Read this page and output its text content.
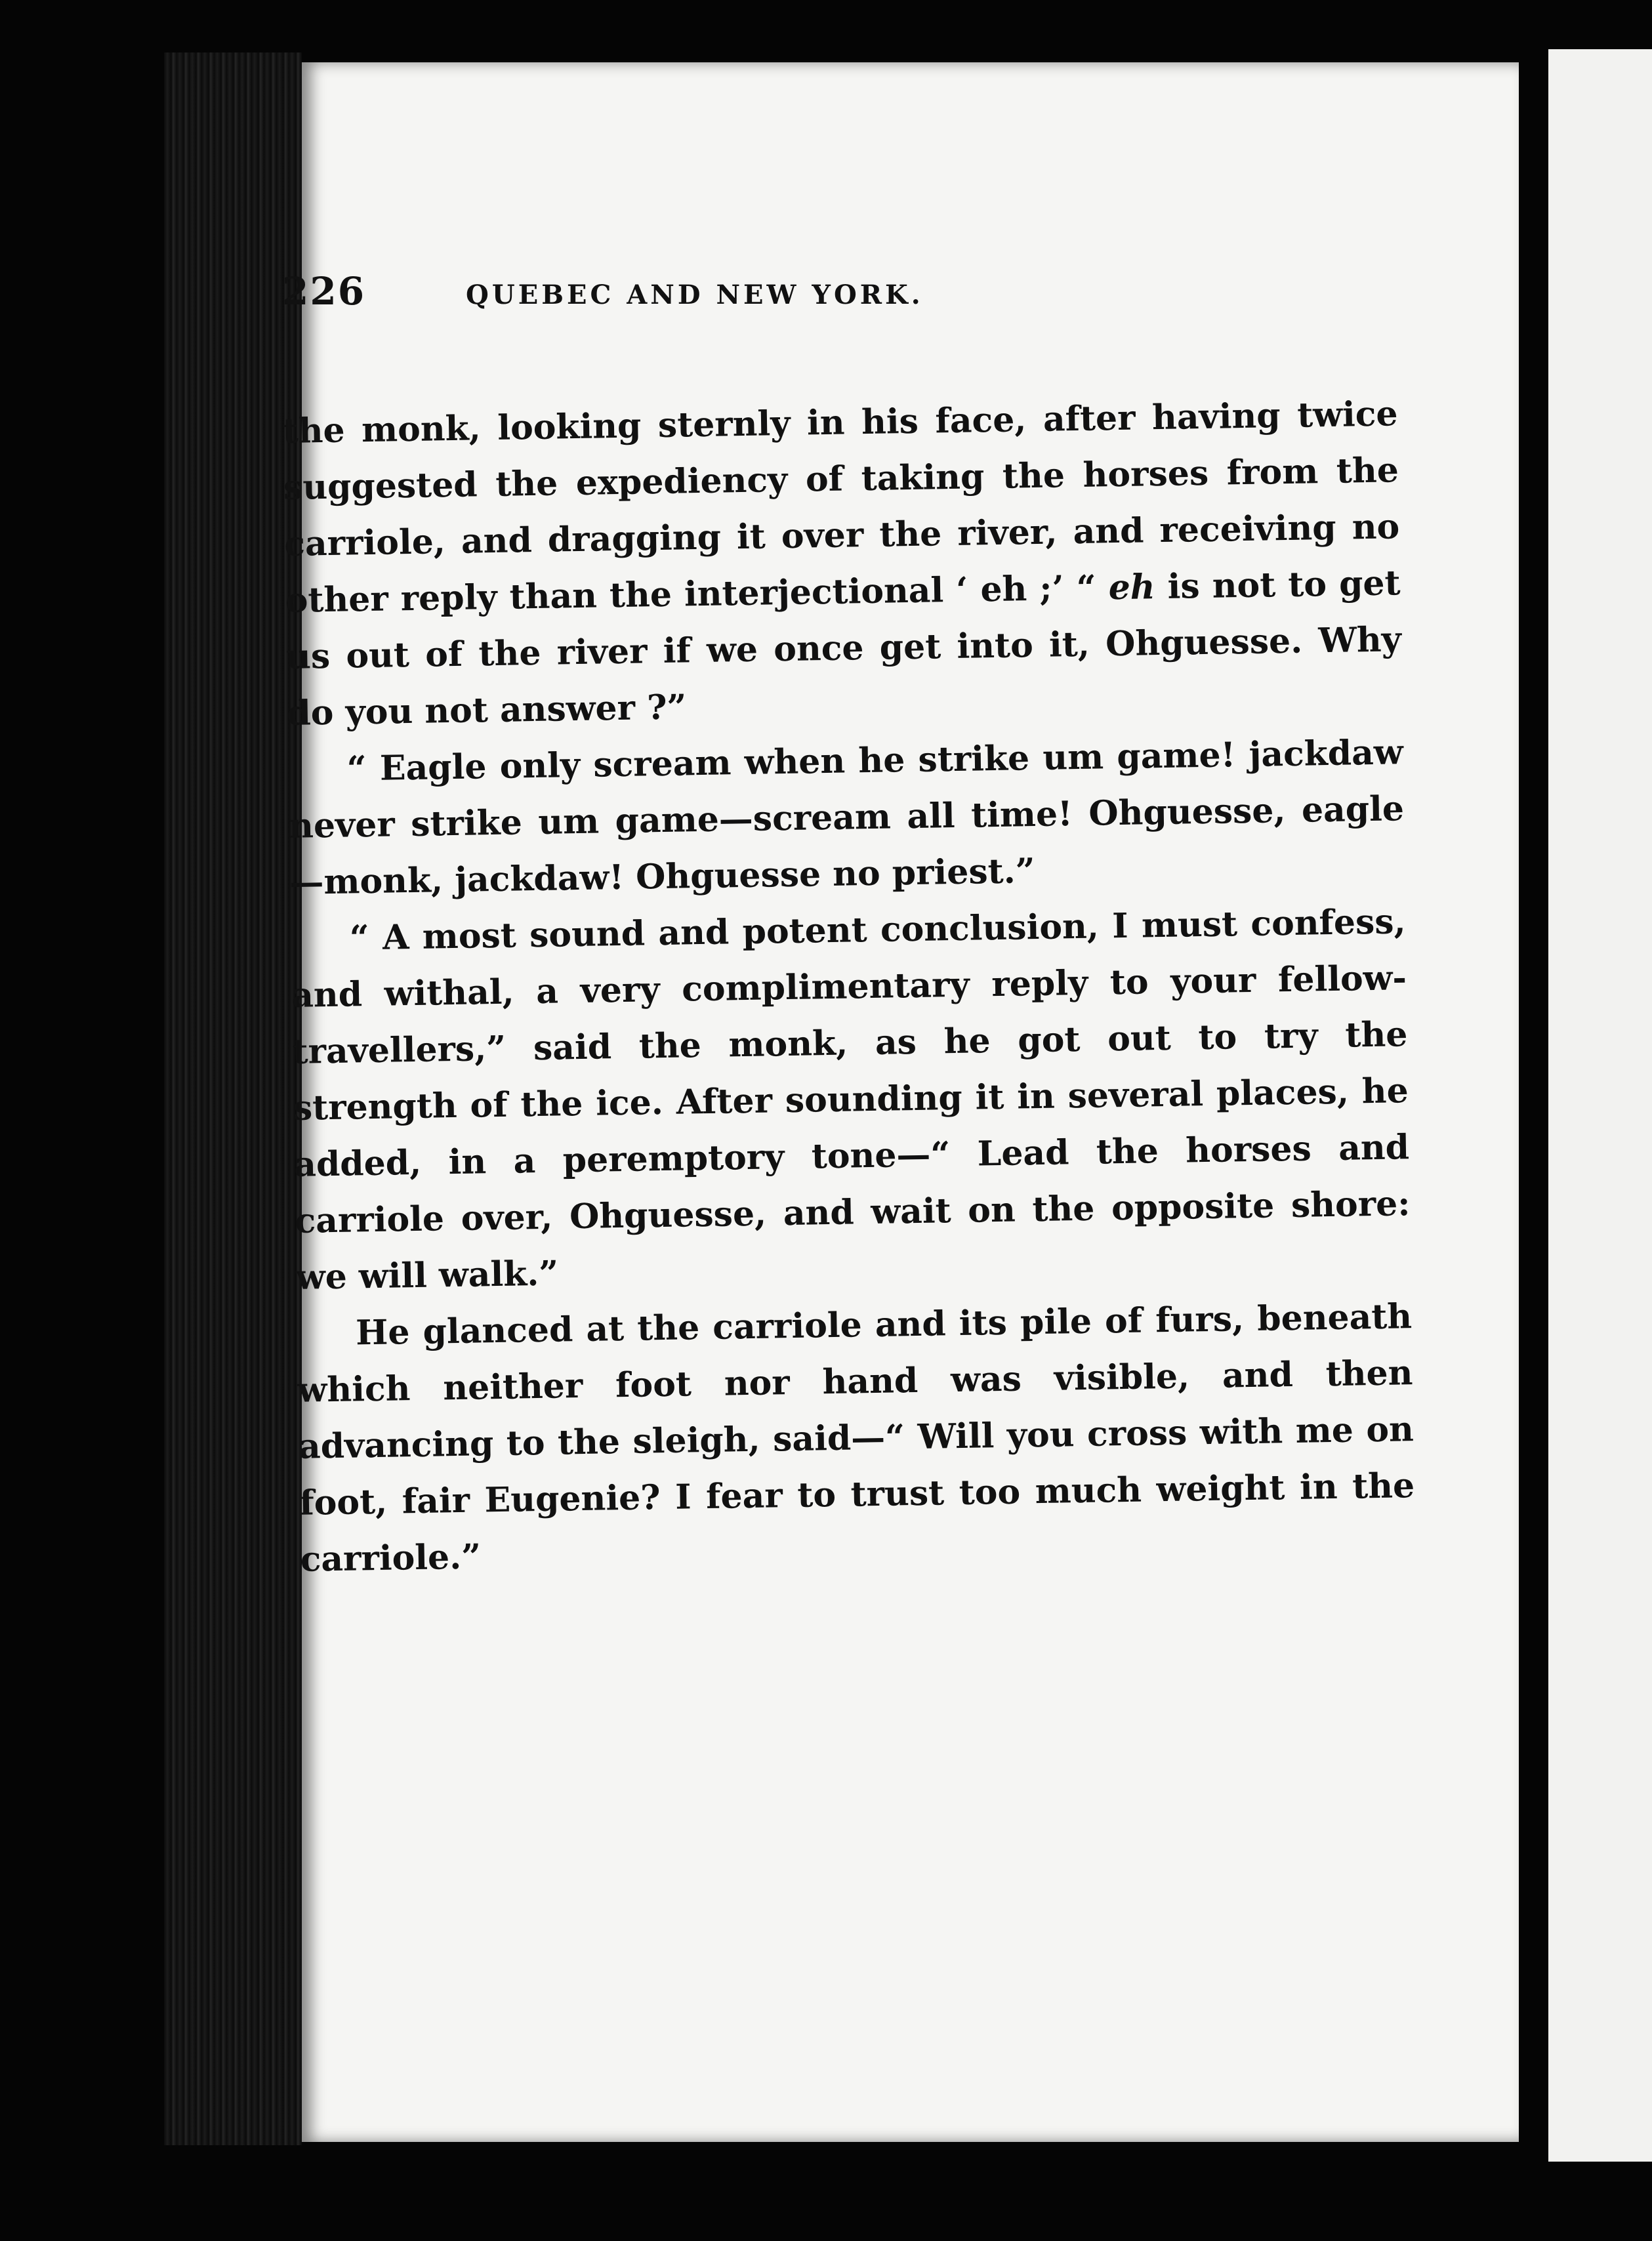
226	QUEBEC AND NEW YORK.

the monk, looking sternly in his face, after having twice suggested the expediency of taking the horses from the carriole, and dragging it over the river, and receiving no other reply than the interjectional ‘ eh ;’ “ eh is not to get us out of the river if we once get into it, Ohguesse. Why do you not answer ?”

“ Eagle only scream when he strike um game! jackdaw never strike um game—scream all time! Ohguesse, eagle—monk, jackdaw! Ohguesse no priest.”

“ A most sound and potent conclusion, I must confess, and withal, a very complimentary reply to your fellow-travellers,” said the monk, as he got out to try the strength of the ice. After sounding it in several places, he added, in a peremptory tone—“ Lead the horses and carriole over, Ohguesse, and wait on the opposite shore: we will walk.”

He glanced at the carriole and its pile of furs, beneath which neither foot nor hand was visible, and then advancing to the sleigh, said—“ Will you cross with me on foot, fair Eugenie? I fear to trust too much weight in the carriole.”
